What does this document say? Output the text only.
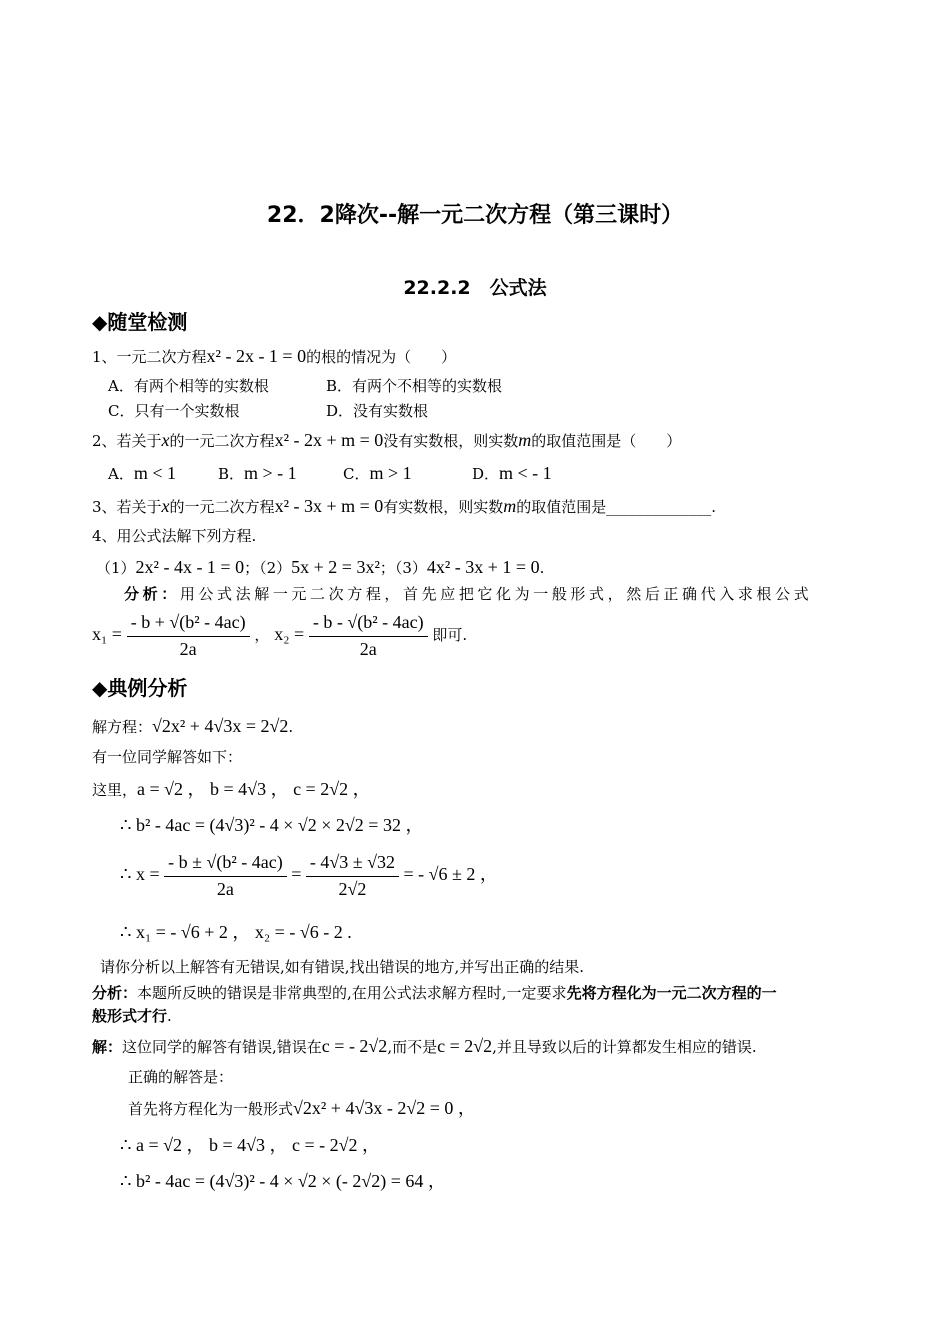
22．2降次--解一元二次方程（第三课时）
22.2.2　公式法
◆随堂检测
1、一元二次方程x² - 2x - 1 = 0的根的情况为（　　）
A．有两个相等的实数根	B．有两个不相等的实数根
C．只有一个实数根	D．没有实数根
2、若关于x的一元二次方程x² - 2x + m = 0没有实数根，则实数m的取值范围是（　　）
A．m < 1	B．m > - 1	C．m > 1	D．m < - 1
3、若关于x的一元二次方程x² - 3x + m = 0有实数根，则实数m的取值范围是______________.
4、用公式法解下列方程.
（1）2x² - 4x - 1 = 0；（2）5x + 2 = 3x²；（3）4x² - 3x + 1 = 0.
分析：用公式法解一元二次方程，首先应把它化为一般形式，然后正确代入求根公式
$x_1 = \frac{\text{- b + √(b² - 4ac)}}{2a}$ ， $x_2 = \frac{\text{- b - √(b² - 4ac)}}{2a}$ 即可.
◆典例分析
解方程：√2x² + 4√3x = 2√2.
有一位同学解答如下：
这里，a = √2 ， b = 4√3 ， c = 2√2 ，
∴ b² - 4ac = (4√3)² - 4 × √2 × 2√2 = 32 ，
∴ $x = \frac{\text{- b ± √(b² - 4ac)}}{2a} = \frac{- 4√3 \pm √32}{2√2}$ = - √6 ± 2 ，
∴ x₁ = - √6 + 2 ， x₂ = - √6 - 2 .
请你分析以上解答有无错误,如有错误,找出错误的地方,并写出正确的结果.
分析：本题所反映的错误是非常典型的,在用公式法求解方程时,一定要求先将方程化为一元二次方程的一
般形式才行.
解：这位同学的解答有错误,错误在c = - 2√2,而不是c = 2√2,并且导致以后的计算都发生相应的错误.
正确的解答是：
首先将方程化为一般形式√2x² + 4√3x - 2√2 = 0 ，
∴ a = √2 ， b = 4√3 ， c = - 2√2 ，
∴ b² - 4ac = (4√3)² - 4 × √2 × (- 2√2) = 64 ，
